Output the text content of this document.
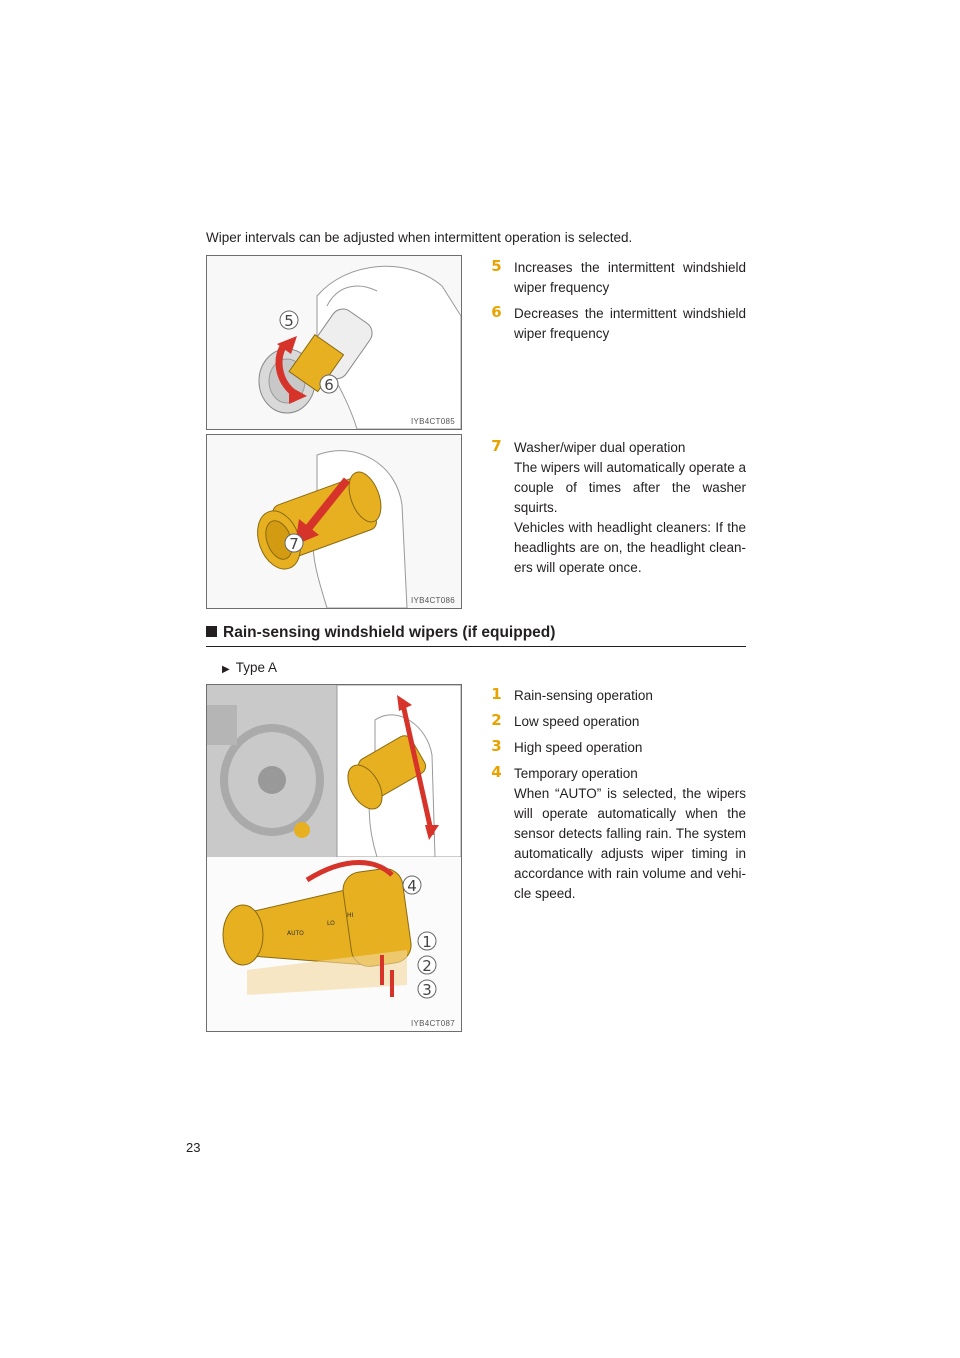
Wiper intervals can be adjusted when intermittent operation is selected.
5
6
IYB4CT085
5 Increases the intermittent windshield wiper frequency
6 Decreases the intermittent windshield wiper frequency
7
IYB4CT086
7 Washer/wiper dual operation
The wipers will automatically operate a couple of times after the washer squirts.
Vehicles with headlight cleaners: If the headlights are on, the headlight clean-ers will operate once.
Rain-sensing windshield wipers (if equipped)
▶ Type A
AUTO
LO
HI
4
1
2
3
IYB4CT087
1 Rain-sensing operation
2 Low speed operation
3 High speed operation
4 Temporary operation
When “AUTO” is selected, the wipers will operate automatically when the sensor detects falling rain. The system automatically adjusts wiper timing in accordance with rain volume and vehi-cle speed.
23
